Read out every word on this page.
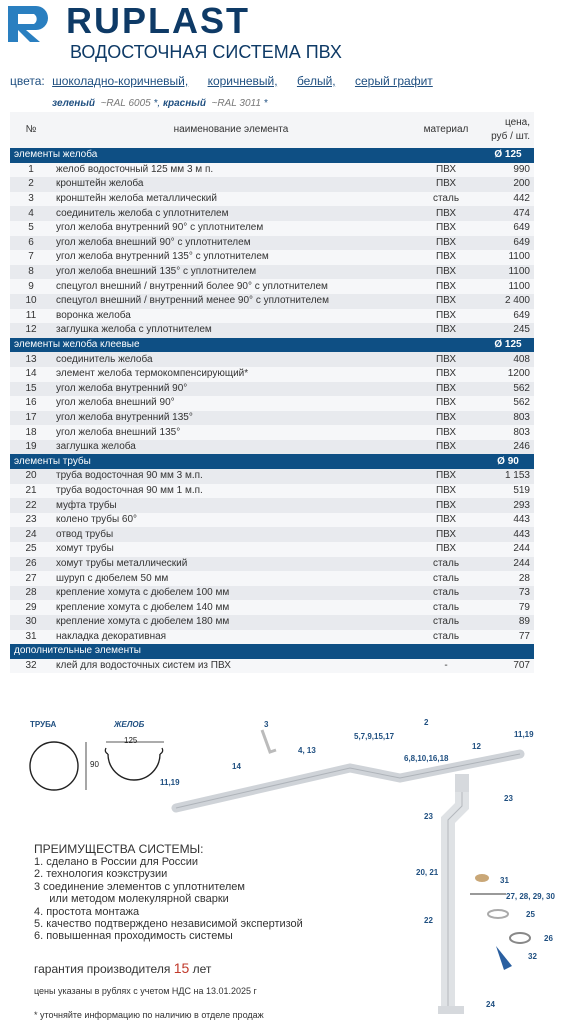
RUPLAST
ВОДОСТОЧНАЯ СИСТЕМА ПВХ
цвета: шоколадно-коричневый, коричневый, белый, серый графит
зеленый ~RAL 6005 *, красный ~RAL 3011 *
№	наименование элемента	материал	цена, руб / шт.
элементы желоба			Ø 125
1	желоб водосточный 125 мм 3 м п.	ПВХ	990
2	кронштейн желоба	ПВХ	200
3	кронштейн желоба металлический	сталь	442
4	соединитель желоба с уплотнителем	ПВХ	474
5	угол желоба внутренний 90° с уплотнителем	ПВХ	649
6	угол желоба внешний 90° с уплотнителем	ПВХ	649
7	угол желоба внутренний 135° с уплотнителем	ПВХ	1100
8	угол желоба внешний 135° с уплотнителем	ПВХ	1100
9	спецугол внешний / внутренний более 90° с уплотнителем	ПВХ	1100
10	спецугол внешний / внутренний менее 90° с уплотнителем	ПВХ	2 400
11	воронка желоба	ПВХ	649
12	заглушка желоба с уплотнителем	ПВХ	245
элементы желоба клеевые			Ø 125
13	соединитель желоба	ПВХ	408
14	элемент желоба термокомпенсирующий*	ПВХ	1200
15	угол желоба внутренний 90°	ПВХ	562
16	угол желоба внешний 90°	ПВХ	562
17	угол желоба внутренний 135°	ПВХ	803
18	угол желоба внешний 135°	ПВХ	803
19	заглушка желоба	ПВХ	246
элементы трубы			Ø 90
20	труба водосточная 90 мм 3 м.п.	ПВХ	1 153
21	труба водосточная 90 мм 1 м.п.	ПВХ	519
22	муфта трубы	ПВХ	293
23	колено трубы 60°	ПВХ	443
24	отвод трубы	ПВХ	443
25	хомут трубы	ПВХ	244
26	хомут трубы металлический	сталь	244
27	шуруп с дюбелем 50 мм	сталь	28
28	крепление хомута с дюбелем 100 мм	сталь	73
29	крепление хомута с дюбелем 140 мм	сталь	79
30	крепление хомута с дюбелем 180 мм	сталь	89
31	накладка декоративная	сталь	77
дополнительные элементы			
32	клей для водосточных систем из ПВХ	-	707
ТРУБА	ЖЕЛОБ
90
125
3	2
5,7,9,15,17
4, 13
14
6,8,10,16,18
12
11,19
11,19
23
23
20, 21
31
27, 28, 29, 30
25
22
26
32
24
ПРЕИМУЩЕСТВА СИСТЕМЫ:
1. сделано в России для России
2. технология коэкструзии
3 соединение элементов с уплотнителем
или методом молекулярной сварки
4. простота монтажа
5. качество подтверждено независимой экспертизой
6. повышенная проходимость системы
гарантия производителя 15 лет
цены указаны в рублях с учетом НДС на 13.01.2025 г
* уточняйте информацию по наличию в отделе продаж
